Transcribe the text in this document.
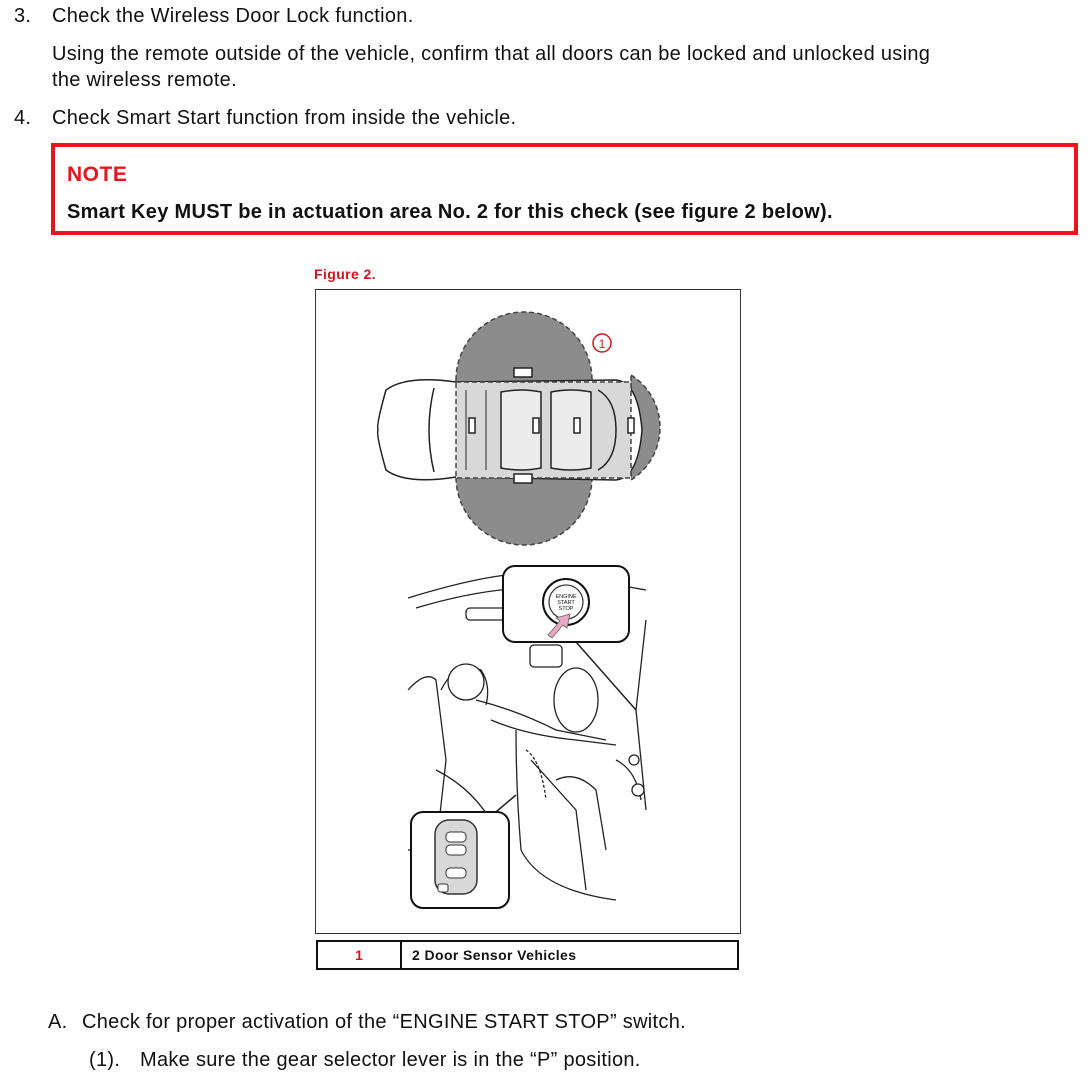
3. Check the Wireless Door Lock function.
Using the remote outside of the vehicle, confirm that all doors can be locked and unlocked using
the wireless remote.
4. Check Smart Start function from inside the vehicle.
NOTE
Smart Key MUST be in actuation area No. 2 for this check (see figure 2 below).
Figure 2.
1
ENGINE
START
STOP
1	2 Door Sensor Vehicles
A. Check for proper activation of the “ENGINE START STOP” switch.
(1). Make sure the gear selector lever is in the “P” position.
